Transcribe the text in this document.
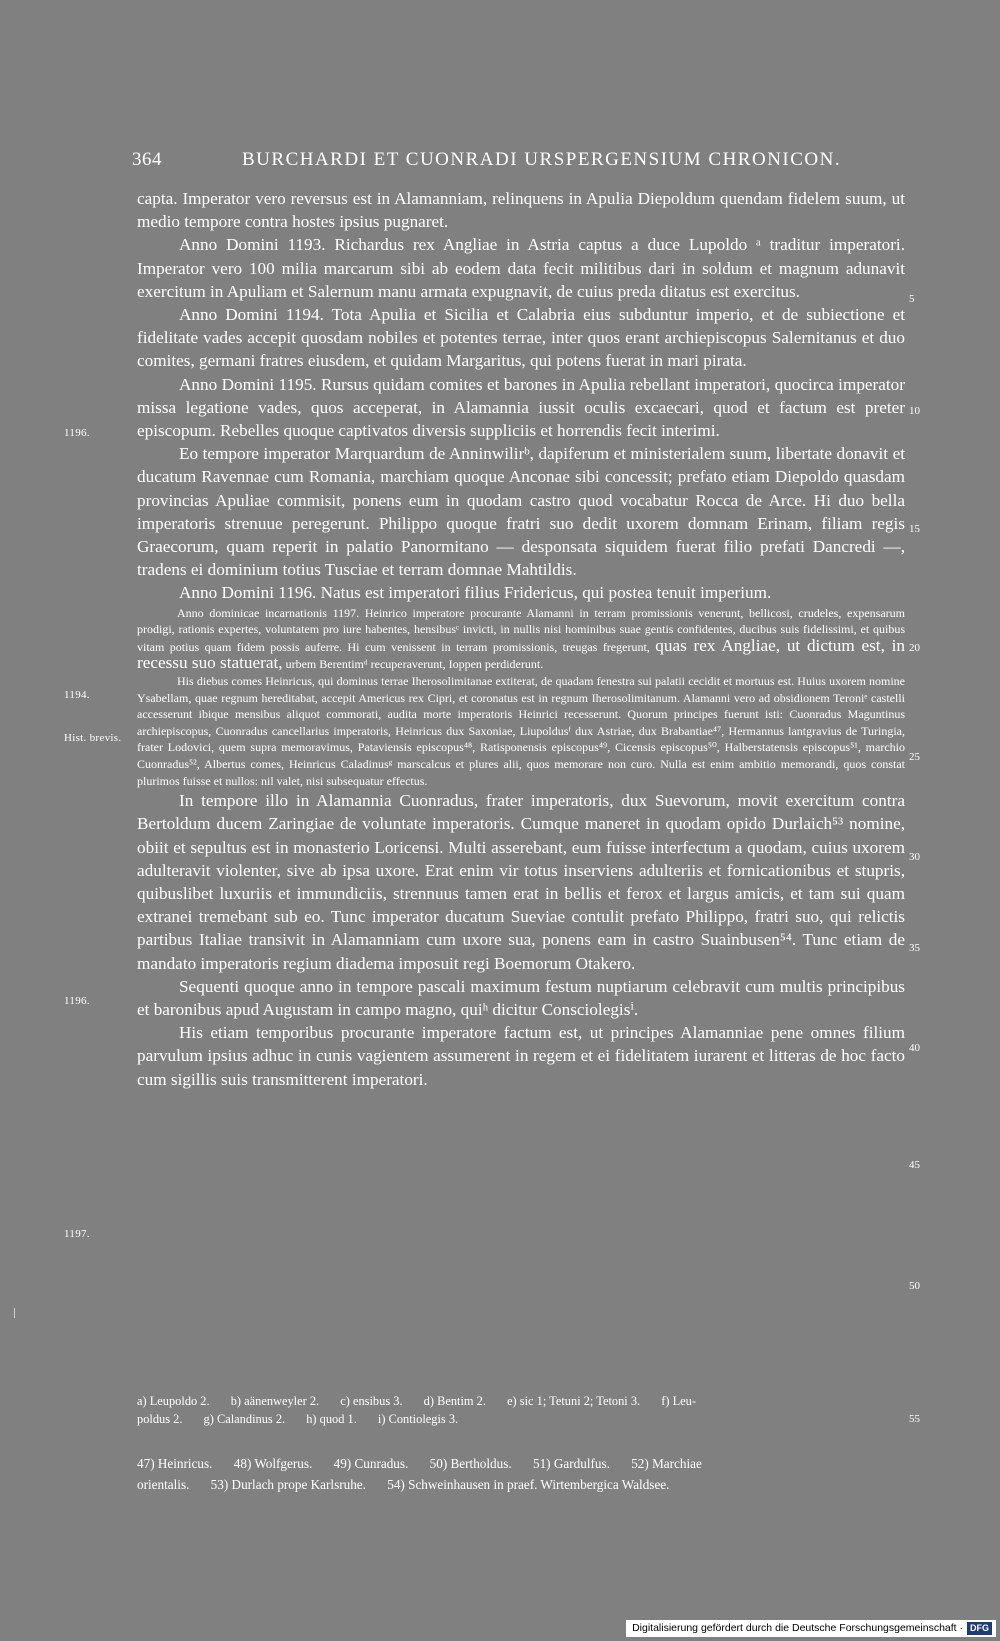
364	BURCHARDI ET CUONRADI URSPERGENSIUM CHRONICON.

capta. Imperator vero reversus est in Alamanniam, relinquens in Apulia Diepoldum quendam fidelem suum, ut medio tempore contra hostes ipsius pugnaret.

Anno Domini 1193. Richardus rex Angliae in Astria captus a duce Lupoldo ᵃ traditur imperatori. Imperator vero 100 milia marcarum sibi ab eodem data fecit militibus dari in soldum et magnum adunavit exercitum in Apuliam et Salernum manu armata expugnavit, de cuius preda ditatus est exercitus.

Anno Domini 1194. Tota Apulia et Sicilia et Calabria eius subduntur imperio, et de subiectione et fidelitate vades accepit quosdam nobiles et potentes terrae, inter quos erant archiepiscopus Salernitanus et duo comites, germani fratres eiusdem, et quidam Margaritus, qui potens fuerat in mari pirata.

Anno Domini 1195. Rursus quidam comites et barones in Apulia rebellant imperatori, quocirca imperator missa legatione vades, quos acceperat, in Alamannia iussit oculis excaecari, quod et factum est preter episcopum. Rebelles quoque captivatos diversis suppliciis et horrendis fecit interimi.

Eo tempore imperator Marquardum de Anninwilirᵇ, dapiferum et ministerialem suum, libertate donavit et ducatum Ravennae cum Romania, marchiam quoque Anconae sibi concessit; prefato etiam Diepoldo quasdam provincias Apuliae commisit, ponens eum in quodam castro quod vocabatur Rocca de Arce. Hi duo bella imperatoris strenuue peregerunt. Philippo quoque fratri suo dedit uxorem domnam Erinam, filiam regis Graecorum, quam reperit in palatio Panormitano — desponsata siquidem fuerat filio prefati Dancredi —, tradens ei dominium totius Tusciae et terram domnae Mahtildis.

Anno Domini 1196. Natus est imperatori filius Fridericus, qui postea tenuit imperium.

Anno dominicae incarnationis 1197. Heinrico imperatore procurante Alamanni in terram promissionis venerunt, bellicosi, crudeles, expensarum prodigi, rationis expertes, voluntatem pro iure habentes, hensibusᶜ invicti, in nullis nisi hominibus suae gentis confidentes, ducibus suis fidelissimi, et quibus vitam potius quam fidem possis auferre. Hi cum venissent in terram promissionis, treugas fregerunt, quas rex Angliae, ut dictum est, in recessu suo statuerat, urbem Berentimᵈ recuperaverunt, Ioppen perdiderunt.

His diebus comes Heinricus, qui dominus terrae Iherosolimitanae extiterat, de quadam fenestra sui palatii cecidit et mortuus est. Huius uxorem nomine Ysabellam, quae regnum hereditabat, accepit Americus rex Cipri, et coronatus est in regnum Iherosolimitanum. Alamanni vero ad obsidionem Teroniᵉ castelli accesserunt ibique mensibus aliquot commorati, audita morte imperatoris Heinrici recesserunt. Quorum principes fuerunt isti: Cuonradus Maguntinus archiepiscopus, Cuonradus cancellarius imperatoris, Heinricus dux Saxoniae, Liupoldusᶠ dux Astriae, dux Brabantiae⁴⁷, Hermannus lantgravius de Turingia, frater Lodovici, quem supra memoravimus, Pataviensis episcopus⁴⁸, Ratisponensis episcopus⁴⁹, Cicensis episcopus⁵⁰, Halberstatensis episcopus⁵¹, marchio Cuonradus⁵², Albertus comes, Heinricus Caladinusᵍ marscalcus et plures alii, quos memorare non curo. Nulla est enim ambitio memorandi, quos constat plurimos fuisse et nullos: nil valet, nisi subsequatur effectus.

In tempore illo in Alamannia Cuonradus, frater imperatoris, dux Suevorum, movit exercitum contra Bertoldum ducem Zaringiae de voluntate imperatoris. Cumque maneret in quodam opido Durlaich⁵³ nomine, obiit et sepultus est in monasterio Loricensi. Multi asserebant, eum fuisse interfectum a quodam, cuius uxorem adulteravit violenter, sive ab ipsa uxore. Erat enim vir totus inserviens adulteriis et fornicationibus et stupris, quibuslibet luxuriis et immundiciis, strennuus tamen erat in bellis et ferox et largus amicis, et tam sui quam extranei tremebant sub eo. Tunc imperator ducatum Sueviae contulit prefato Philippo, fratri suo, qui relictis partibus Italiae transivit in Alamanniam cum uxore sua, ponens eam in castro Suainbusen⁵⁴. Tunc etiam de mandato imperatoris regium diadema imposuit regi Boemorum Otakero.

Sequenti quoque anno in tempore pascali maximum festum nuptiarum celebravit cum multis principibus et baronibus apud Augustam in campo magno, quiʰ dicitur Consciolegisⁱ.

His etiam temporibus procurante imperatore factum est, ut principes Alamanniae pene omnes filium parvulum ipsius adhuc in cunis vagientem assumerent in regem et ei fidelitatem iurarent et litteras de hoc facto cum sigillis suis transmitterent imperatori.

1196.
1194.
Hist. brevis.
1196.
1197.
5
10
15
20
25
30
35
40
45
50
55
a) Leupoldo 2. b) aänenweyler 2. c) ensibus 3. d) Bentim 2. e) sic 1; Tetuni 2; Tetoni 3. f) Leu-
poldus 2. g) Calandinus 2. h) quod 1. i) Contiolegis 3.
47) Heinricus. 48) Wolfgerus. 49) Cunradus. 50) Bertholdus. 51) Gardulfus. 52) Marchiae
orientalis. 53) Durlach prope Karlsruhe. 54) Schweinhausen in praef. Wirtembergica Waldsee.
Digitalisierung gefördert durch die Deutsche Forschungsgemeinschaft · DFG
